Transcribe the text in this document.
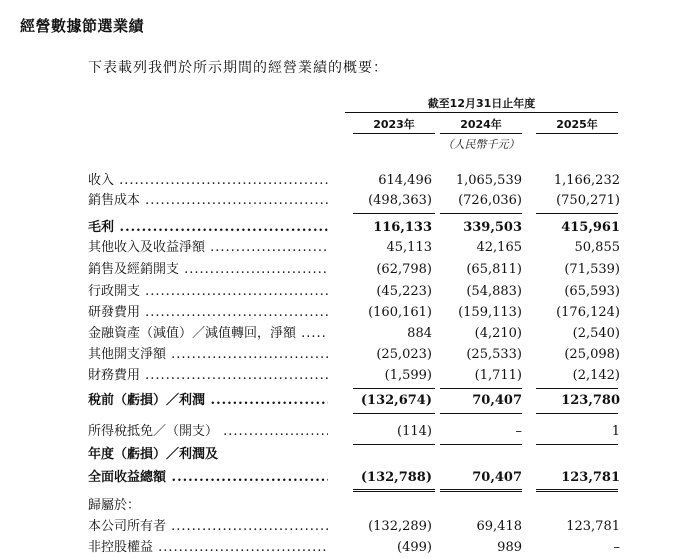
經營數據節選業績
下表載列我們於所示期間的經營業績的概要：
截至12月31日止年度
2023年	2024年	2025年
（人民幣千元）
收入 .....	614,496	1,065,539	1,166,232
銷售成本 .....	(498,363)	(726,036)	(750,271)
毛利 .....	116,133	339,503	415,961
其他收入及收益淨額 .....	45,113	42,165	50,855
銷售及經銷開支 .....	(62,798)	(65,811)	(71,539)
行政開支 .....	(45,223)	(54,883)	(65,593)
研發費用 .....	(160,161)	(159,113)	(176,124)
金融資產（減值）／減值轉回，淨額 .....	884	(4,210)	(2,540)
其他開支淨額 .....	(25,023)	(25,533)	(25,098)
財務費用 .....	(1,599)	(1,711)	(2,142)
稅前（虧損）／利潤 .....	(132,674)	70,407	123,780
所得稅抵免／（開支） .....	(114)	–	1
年度（虧損）／利潤及
全面收益總額 .....	(132,788)	70,407	123,781
歸屬於：
本公司所有者 .....	(132,289)	69,418	123,781
非控股權益 .....	(499)	989	–
